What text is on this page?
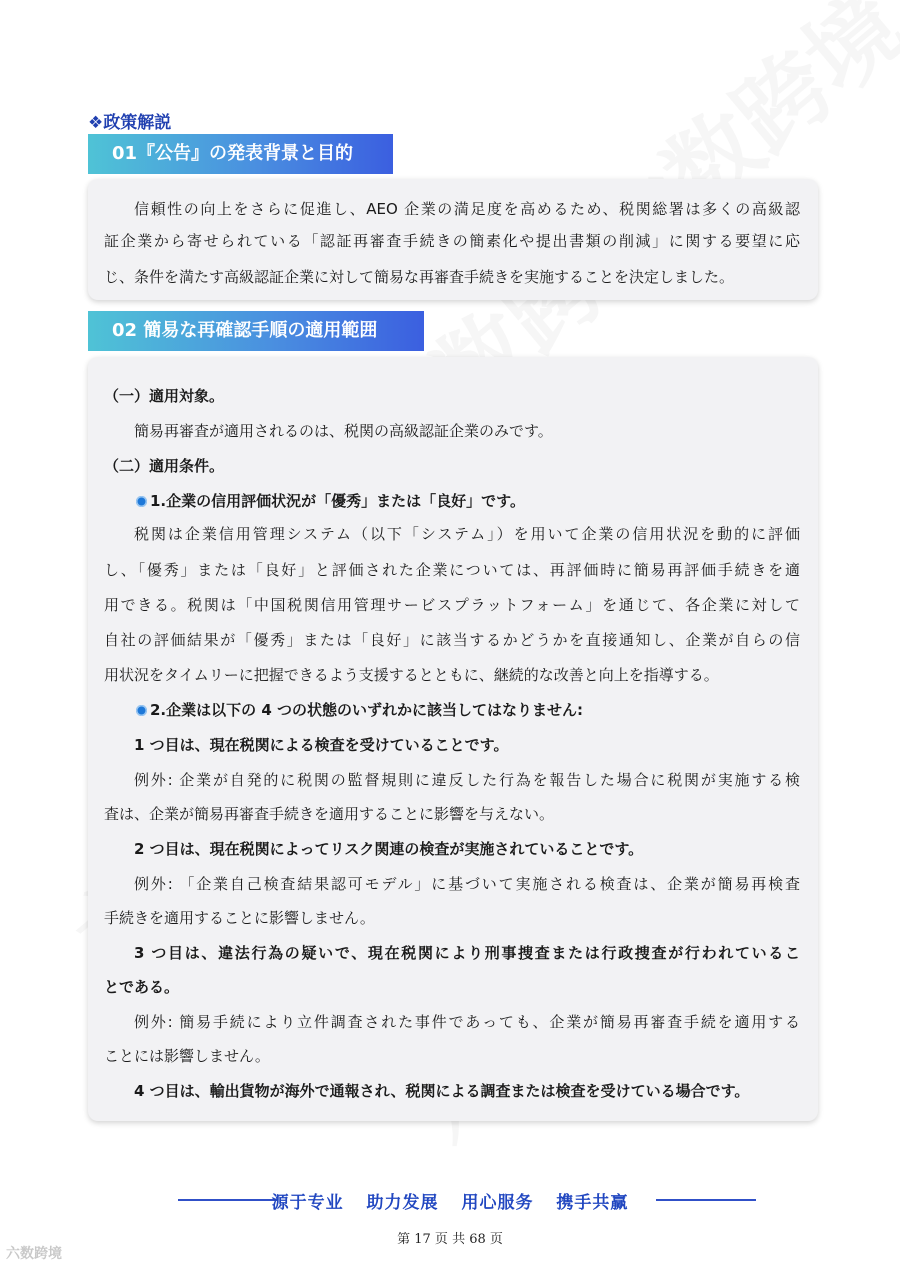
❖政策解説
01『公告』の発表背景と目的
信頼性の向上をさらに促進し、AEO 企業の満足度を高めるため、税関総署は多くの高級認
証企業から寄せられている「認証再審査手続きの簡素化や提出書類の削減」に関する要望に応
じ、条件を満たす高級認証企業に対して簡易な再審査手続きを実施することを決定しました。
02 簡易な再確認手順の適用範囲
（一）適用対象。
簡易再審査が適用されるのは、税関の高級認証企業のみです。
（二）適用条件。
1.企業の信用評価状況が「優秀」または「良好」です。
税関は企業信用管理システム（以下「システム」）を用いて企業の信用状況を動的に評価
し、「優秀」または「良好」と評価された企業については、再評価時に簡易再評価手続きを適
用できる。税関は「中国税関信用管理サービスプラットフォーム」を通じて、各企業に対して
自社の評価結果が「優秀」または「良好」に該当するかどうかを直接通知し、企業が自らの信
用状況をタイムリーに把握できるよう支援するとともに、継続的な改善と向上を指導する。
2.企業は以下の 4 つの状態のいずれかに該当してはなりません:
1 つ目は、現在税関による検査を受けていることです。
例外: 企業が自発的に税関の監督規則に違反した行為を報告した場合に税関が実施する検
査は、企業が簡易再審査手続きを適用することに影響を与えない。
2 つ目は、現在税関によってリスク関連の検査が実施されていることです。
例外: 「企業自己検査結果認可モデル」に基づいて実施される検査は、企業が簡易再検査
手続きを適用することに影響しません。
3 つ目は、違法行為の疑いで、現在税関により刑事捜査または行政捜査が行われているこ
とである。
例外: 簡易手続により立件調査された事件であっても、企業が簡易再審査手続を適用する
ことには影響しません。
4 つ目は、輸出貨物が海外で通報され、税関による調査または検査を受けている場合です。
源于专业 助力发展 用心服务 携手共赢
第 17 页 共 68 页
六数跨境
